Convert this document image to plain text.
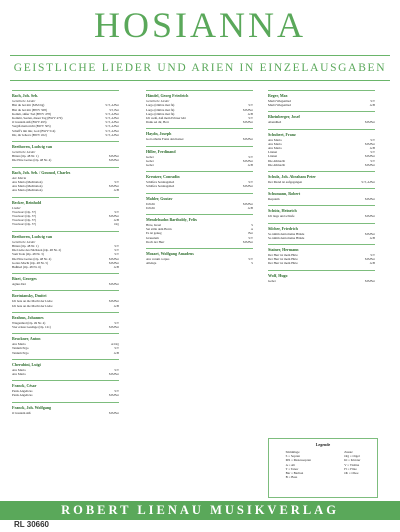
HOSIANNA
GEISTLICHE LIEDER UND ARIEN IN EINZELAUSGABEN
Bach, Joh. Seb.
Geistliche Lieder
Bist du bei mir (MS/Org)	S/T, A/Bar
Bist du bei mir (BWV 508)	ST, Bar
Komm, süßer Tod (BWV 478)	S/T, A/Bar
Kommt, Seelen, dieser Tag (BWV 479)	S/T, A/Bar
O Jesulein süß (BWV 493)	S/T, A/Bar
Vergiß mein nicht (BWV 505)	S/T, A/Bar
Schaff's mit mir, Gott (BWV 514)	S/T, A/Bar
Dir, dir Jehova (BWV 452)	S/T, A/Bar
Beethoven, Ludwig van
Geistliche Lieder
Bitten (Op. 48 Nr. 1)	MS/Bar
Die Ehre Gottes (Op. 48 Nr. 4)	MS/Bar
Bach, Joh. Seb. / Gounod, Charles
Ave Maria
Ave Maria (Meditation)	S/T
Ave Maria (Meditation)	MS/Bar
Ave Maria (Meditation)	A/B
Becker, Reinhold
Lieder
Trostwort (Op. 37)	S/T
Trostwort (Op. 37)	MS/Bar
Trostwort (Op. 37)	A/B
Trostwort (Op. 37)	Org
Beethoven, Ludwig van
Geistliche Lieder
Bitten (Op. 48 Nr. 1)	S/T
Die Liebe des Nächsten (Op. 48 Nr. 2)	S/T
Vom Tode (Op. 48 Nr. 3)	S/T
Die Ehre Gottes (Op. 48 Nr. 4)	MS/Bar
Gottes Macht (Op. 48 Nr. 5)	MS/Bar
Bußlied (Op. 48 Nr. 6)	A/B
Bizet, Georges
Agnus Dei	MS/Bar
Bortniansky, Dmitri
Ich bete an die Macht der Liebe	MS/Bar
Ich bete an die Macht der Liebe	A/B
Brahms, Johannes
Wiegenlied (Op. 49 Nr. 4)	S/T
Vier ernste Gesänge (Op. 121)	MS/Bar
Bruckner, Anton
Ave Maria	A/Org
Tantum Ergo	S/T
Tantum Ergo	A/B
Cherubini, Luigi
Ave Maria	S/T
Ave Maria	MS/Bar
Franck, César
Panis Angelicus	S/T
Panis Angelicus	MS/Bar
Franck, Joh. Wolfgang
O Jesulein süß	MS/Bar
Händel, Georg Friedrich
Geistliche Lieder
Largo (Ombra mai fù)	S/T
Largo (Ombra mai fù)	MS/Bar
Largo (Ombra mai fù)	A/B
Ich weiß, daß mein Erlöser lebt	S/T
Dank sei dir, Herr	MS/Bar
Haydn, Joseph
Gott erhalte Franz den Kaiser	MS/Bar
Hiller, Ferdinand
Gebet	S/T
Gebet	MS/Bar
Gebet	A/B
Kreutzer, Conradin
Schäfers Sonntagslied	S/T
Schäfers Sonntagslied	MS/Bar
Mahler, Gustav
Urlicht	MS/Bar
Urlicht	A/B
Mendelssohn Bartholdy, Felix
Höre, Israel	S
Sei stille dem Herrn	A
Es ist genug	Bar
Jerusalem	S/T
Doch der Herr	MS/Bar
Mozart, Wolfgang Amadeus
Ave verum corpus	S/T
Alleluja	S
Reger, Max
Mariä Wiegenlied	S/T
Mariä Wiegenlied	A/B
Rheinberger, Josef
Abendlied	MS/Bar
Schubert, Franz
Ave Maria	S/T
Ave Maria	MS/Bar
Ave Maria	A/B
Litanei	S/T
Litanei	MS/Bar
Die Allmacht	S/T
Die Allmacht	MS/Bar
Schulz, Joh. Abraham Peter
Der Mond ist aufgegangen	S/T, A/Bar
Schumann, Robert
Requiem	MS/Bar
Schütz, Heinrich
Ich liege und schlafe	MS/Bar
Silcher, Friedrich
So nimm denn meine Hände	MS/Bar
So nimm denn meine Hände	A/B
Stainer, Hermann
Der Herr ist mein Hirte	S/T
Der Herr ist mein Hirte	MS/Bar
Der Herr ist mein Hirte	A/B
Wolf, Hugo
Gebet	MS/Bar
Legende
Stimmlage
S = Sopran
MS = Mezzosopran
A = Alt
T = Tenor
Bar = Bariton
B = Bass
Zusatz
Org = Orgel
Kl = Klavier
V = Violine
Fl = Flöte
Ob = Oboe
ROBERT LIENAU MUSIKVERLAG
RL 30660
